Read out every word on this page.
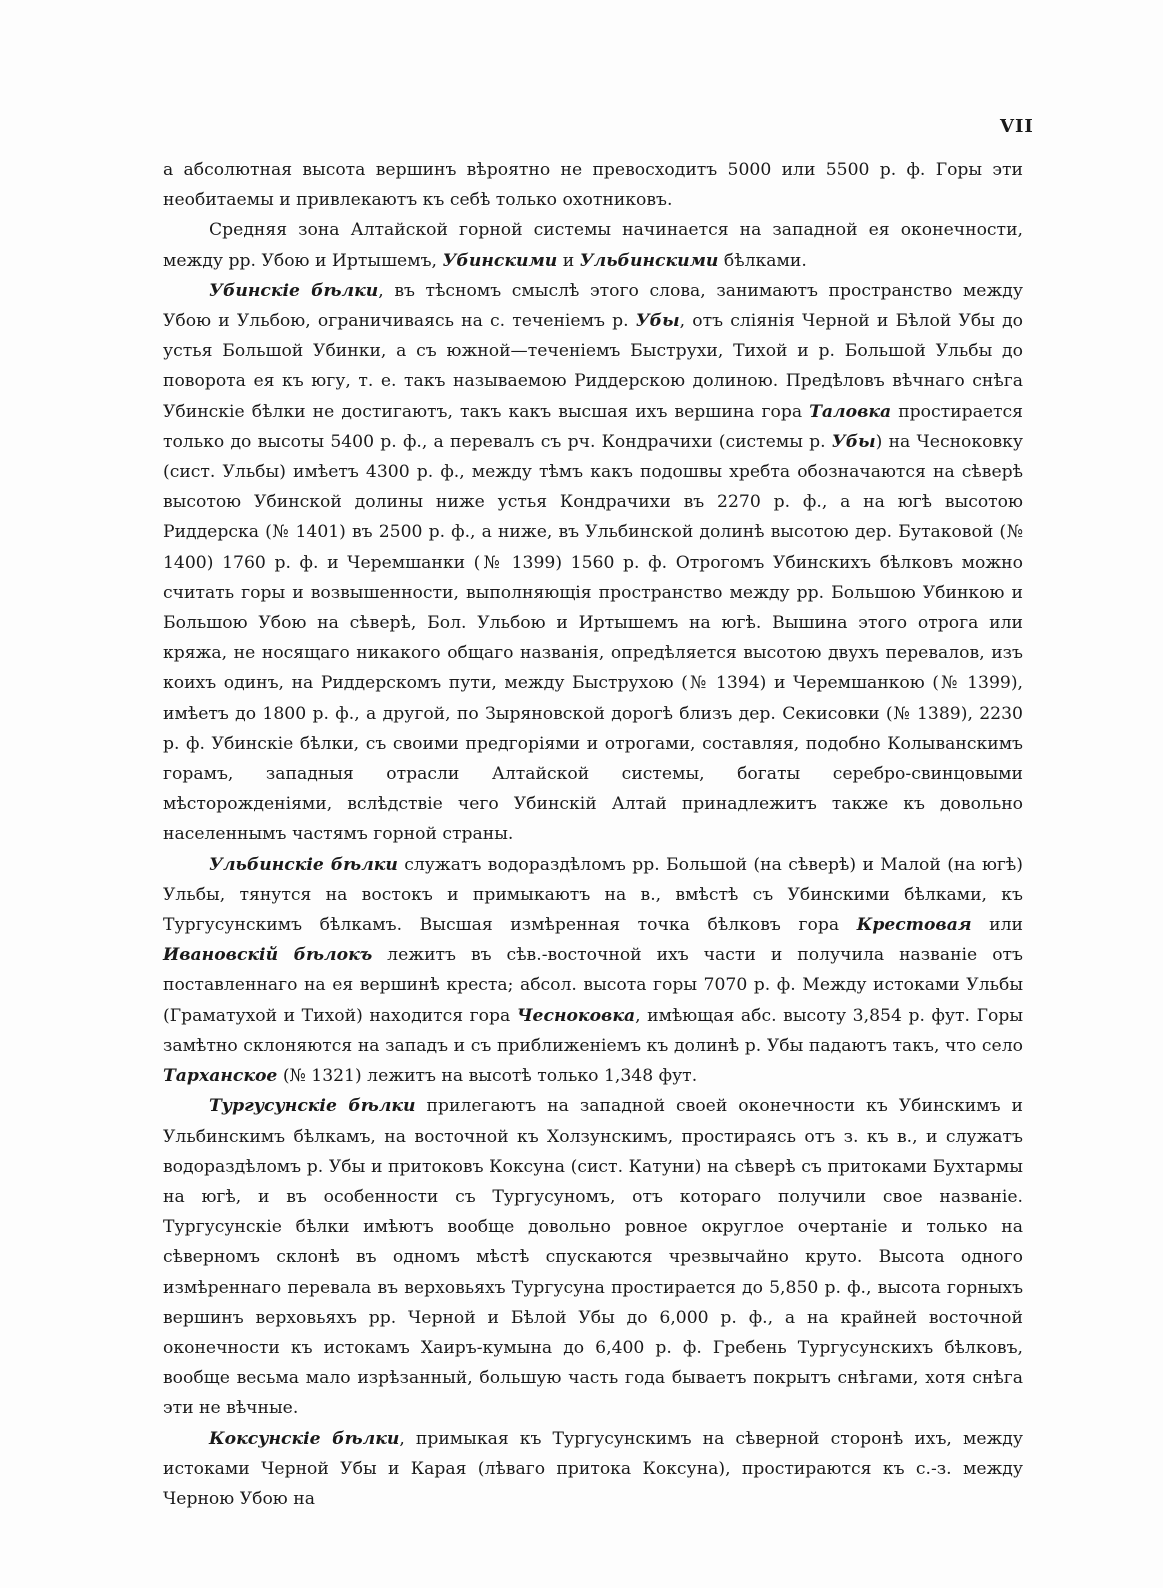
VII

а абсолютная высота вершинъ вѣроятно не превосходитъ 5000 или 5500 р. ф. Горы эти необитаемы и привлекаютъ къ себѣ только охотниковъ.

Средняя зона Алтайской горной системы начинается на западной ея оконечности, между рр. Убою и Иртышемъ, Убинскими и Ульбинскими бѣлками.

Убинскіе бѣлки, въ тѣсномъ смыслѣ этого слова, занимаютъ пространство между Убою и Ульбою, ограничиваясь на с. теченіемъ р. Убы, отъ сліянія Черной и Бѣлой Убы до устья Большой Убинки, а съ южной—теченіемъ Быструхи, Тихой и р. Большой Ульбы до поворота ея къ югу, т. е. такъ называемою Риддерскою долиною. Предѣловъ вѣчнаго снѣга Убинскіе бѣлки не достигаютъ, такъ какъ высшая ихъ вершина гора Таловка простирается только до высоты 5400 р. ф., а перевалъ съ рч. Кондрачихи (системы р. Убы) на Чесноковку (сист. Ульбы) имѣетъ 4300 р. ф., между тѣмъ какъ подошвы хребта обозначаются на сѣверѣ высотою Убинской долины ниже устья Кондрачихи въ 2270 р. ф., а на югѣ высотою Риддерска (№ 1401) въ 2500 р. ф., а ниже, въ Ульбинской долинѣ высотою дер. Бутаковой (№ 1400) 1760 р. ф. и Черемшанки (№ 1399) 1560 р. ф. Отрогомъ Убинскихъ бѣлковъ можно считать горы и возвышенности, выполняющія пространство между рр. Большою Убинкою и Большою Убою на сѣверѣ, Бол. Ульбою и Иртышемъ на югѣ. Вышина этого отрога или кряжа, не носящаго никакого общаго названія, опредѣляется высотою двухъ перевалов, изъ коихъ одинъ, на Риддерскомъ пути, между Быструхою (№ 1394) и Черемшанкою (№ 1399), имѣетъ до 1800 р. ф., а другой, по Зыряновской дорогѣ близъ дер. Секисовки (№ 1389), 2230 р. ф. Убинскіе бѣлки, съ своими предгоріями и отрогами, составляя, подобно Колыванскимъ горамъ, западныя отрасли Алтайской системы, богаты серебро-свинцовыми мѣсторожденіями, вслѣдствіе чего Убинскій Алтай принадлежитъ также къ довольно населеннымъ частямъ горной страны.

Ульбинскіе бѣлки служатъ водораздѣломъ рр. Большой (на сѣверѣ) и Малой (на югѣ) Ульбы, тянутся на востокъ и примыкаютъ на в., вмѣстѣ съ Убинскими бѣлками, къ Тургусунскимъ бѣлкамъ. Высшая измѣренная точка бѣлковъ гора Крестовая или Ивановскій бѣлокъ лежитъ въ сѣв.-восточной ихъ части и получила названіе отъ поставленнаго на ея вершинѣ креста; абсол. высота горы 7070 р. ф. Между истоками Ульбы (Граматухой и Тихой) находится гора Чесноковка, имѣющая абс. высоту 3,854 р. фут. Горы замѣтно склоняются на западъ и съ приближеніемъ къ долинѣ р. Убы падаютъ такъ, что село Тарханское (№ 1321) лежитъ на высотѣ только 1,348 фут.

Тургусунскіе бѣлки прилегаютъ на западной своей оконечности къ Убинскимъ и Ульбинскимъ бѣлкамъ, на восточной къ Холзунскимъ, простираясь отъ з. къ в., и служатъ водораздѣломъ р. Убы и притоковъ Кокcуна (сист. Катуни) на сѣверѣ съ притоками Бухтармы на югѣ, и въ особенности съ Тургусуномъ, отъ котораго получили свое названіе. Тургусунскіе бѣлки имѣютъ вообще довольно ровное округлое очертаніе и только на сѣверномъ склонѣ въ одномъ мѣстѣ спускаются чрезвычайно круто. Высота одного измѣреннаго перевала въ верховьяхъ Тургусуна простирается до 5,850 р. ф., высота горныхъ вершинъ верховьяхъ рр. Черной и Бѣлой Убы до 6,000 р. ф., а на крайней восточной оконечности къ истокамъ Хаиръ-кумына до 6,400 р. ф. Гребень Тургусунскихъ бѣлковъ, вообще весьма мало изрѣзанный, большую часть года бываетъ покрытъ снѣгами, хотя снѣга эти не вѣчные.

Коксунскіе бѣлки, примыкая къ Тургусунскимъ на сѣверной сторонѣ ихъ, между истоками Черной Убы и Карая (лѣваго притока Коксуна), простираются къ с.-з. между Черною Убою на
